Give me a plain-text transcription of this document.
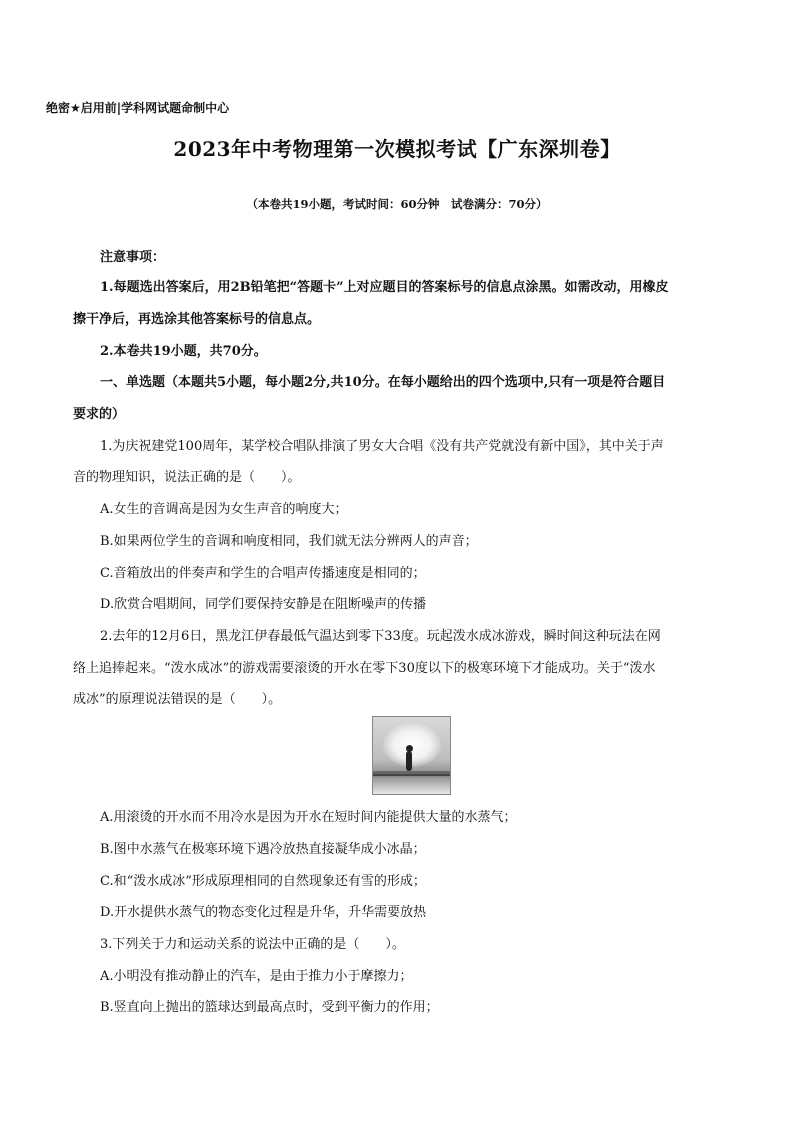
绝密★启用前|学科网试题命制中心
2023年中考物理第一次模拟考试【广东深圳卷】
（本卷共19小题，考试时间：60分钟　试卷满分：70分）
注意事项：
1.每题选出答案后，用2B铅笔把“答题卡”上对应题目的答案标号的信息点涂黑。如需改动，用橡皮
擦干净后，再选涂其他答案标号的信息点。
2.本卷共19小题，共70分。
一、单选题（本题共5小题，每小题2分,共10分。在每小题给出的四个选项中,只有一项是符合题目
要求的）
1.为庆祝建党100周年，某学校合唱队排演了男女大合唱《没有共产党就没有新中国》，其中关于声
音的物理知识，说法正确的是（　　）。
A.女生的音调高是因为女生声音的响度大；
B.如果两位学生的音调和响度相同，我们就无法分辨两人的声音；
C.音箱放出的伴奏声和学生的合唱声传播速度是相同的；
D.欣赏合唱期间，同学们要保持安静是在阻断噪声的传播
2.去年的12月6日，黑龙江伊春最低气温达到零下33度。玩起泼水成冰游戏，瞬时间这种玩法在网
络上追捧起来。“泼水成冰”的游戏需要滚烫的开水在零下30度以下的极寒环境下才能成功。关于“泼水
成冰”的原理说法错误的是（　　）。
A.用滚烫的开水而不用冷水是因为开水在短时间内能提供大量的水蒸气；
B.图中水蒸气在极寒环境下遇冷放热直接凝华成小冰晶；
C.和“泼水成冰”形成原理相同的自然现象还有雪的形成；
D.开水提供水蒸气的物态变化过程是升华，升华需要放热
3.下列关于力和运动关系的说法中正确的是（　　）。
A.小明没有推动静止的汽车，是由于推力小于摩擦力；
B.竖直向上抛出的篮球达到最高点时，受到平衡力的作用；
